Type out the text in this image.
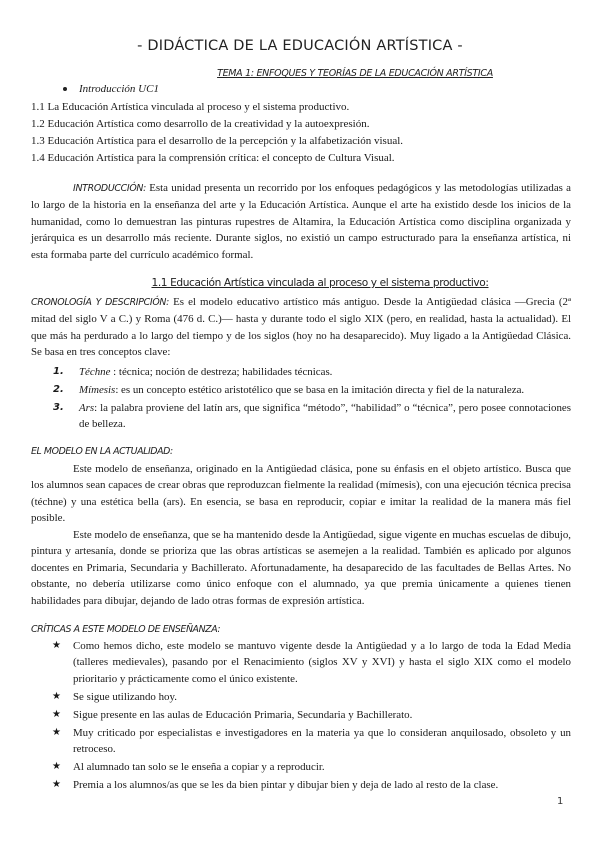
- DIDÁCTICA DE LA EDUCACIÓN ARTÍSTICA -
TEMA 1: ENFOQUES Y TEORÍAS DE LA EDUCACIÓN ARTÍSTICA
Introducción UC1
1.1 La Educación Artística vinculada al proceso y el sistema productivo.
1.2 Educación Artística como desarrollo de la creatividad y la autoexpresión.
1.3 Educación Artística para el desarrollo de la percepción y la alfabetización visual.
1.4 Educación Artística para la comprensión crítica: el concepto de Cultura Visual.
INTRODUCCIÓN: Esta unidad presenta un recorrido por los enfoques pedagógicos y las metodologías utilizadas a lo largo de la historia en la enseñanza del arte y la Educación Artística. Aunque el arte ha existido desde los inicios de la humanidad, como lo demuestran las pinturas rupestres de Altamira, la Educación Artística como disciplina organizada y jerárquica es un desarrollo más reciente. Durante siglos, no existió un campo estructurado para la enseñanza artística, ni esta formaba parte del currículo académico formal.
1.1 Educación Artística vinculada al proceso y el sistema productivo:
CRONOLOGÍA Y DESCRIPCIÓN: Es el modelo educativo artístico más antiguo. Desde la Antigüedad clásica —Grecia (2ª mitad del siglo V a C.) y Roma (476 d. C.)— hasta y durante todo el siglo XIX (pero, en realidad, hasta la actualidad). El que más ha perdurado a lo largo del tiempo y de los siglos (hoy no ha desaparecido). Muy ligado a la Antigüedad Clásica. Se basa en tres conceptos clave:
1. Téchne : técnica; noción de destreza; habilidades técnicas.
2. Mímesis: es un concepto estético aristotélico que se basa en la imitación directa y fiel de la naturaleza.
3. Ars: la palabra proviene del latín ars, que significa “método”, “habilidad” o “técnica”, pero posee connotaciones de belleza.
EL MODELO EN LA ACTUALIDAD:
Este modelo de enseñanza, originado en la Antigüedad clásica, pone su énfasis en el objeto artístico. Busca que los alumnos sean capaces de crear obras que reproduzcan fielmente la realidad (mímesis), con una ejecución técnica precisa (téchne) y una estética bella (ars). En esencia, se basa en reproducir, copiar e imitar la realidad de la manera más fiel posible.
Este modelo de enseñanza, que se ha mantenido desde la Antigüedad, sigue vigente en muchas escuelas de dibujo, pintura y artesanía, donde se prioriza que las obras artísticas se asemejen a la realidad. También es aplicado por algunos docentes en Primaria, Secundaria y Bachillerato. Afortunadamente, ha desaparecido de las facultades de Bellas Artes. No obstante, no debería utilizarse como único enfoque con el alumnado, ya que premia únicamente a quienes tienen habilidades para dibujar, dejando de lado otras formas de expresión artística.
CRÍTICAS A ESTE MODELO DE ENSEÑANZA:
★ Como hemos dicho, este modelo se mantuvo vigente desde la Antigüedad y a lo largo de toda la Edad Media (talleres medievales), pasando por el Renacimiento (siglos XV y XVI) y hasta el siglo XIX como el modelo prioritario y prácticamente como el único existente.
★ Se sigue utilizando hoy.
★ Sigue presente en las aulas de Educación Primaria, Secundaria y Bachillerato.
★ Muy criticado por especialistas e investigadores en la materia ya que lo consideran anquilosado, obsoleto y un retroceso.
★ Al alumnado tan solo se le enseña a copiar y a reproducir.
★ Premia a los alumnos/as que se les da bien pintar y dibujar bien y deja de lado al resto de la clase.
1
